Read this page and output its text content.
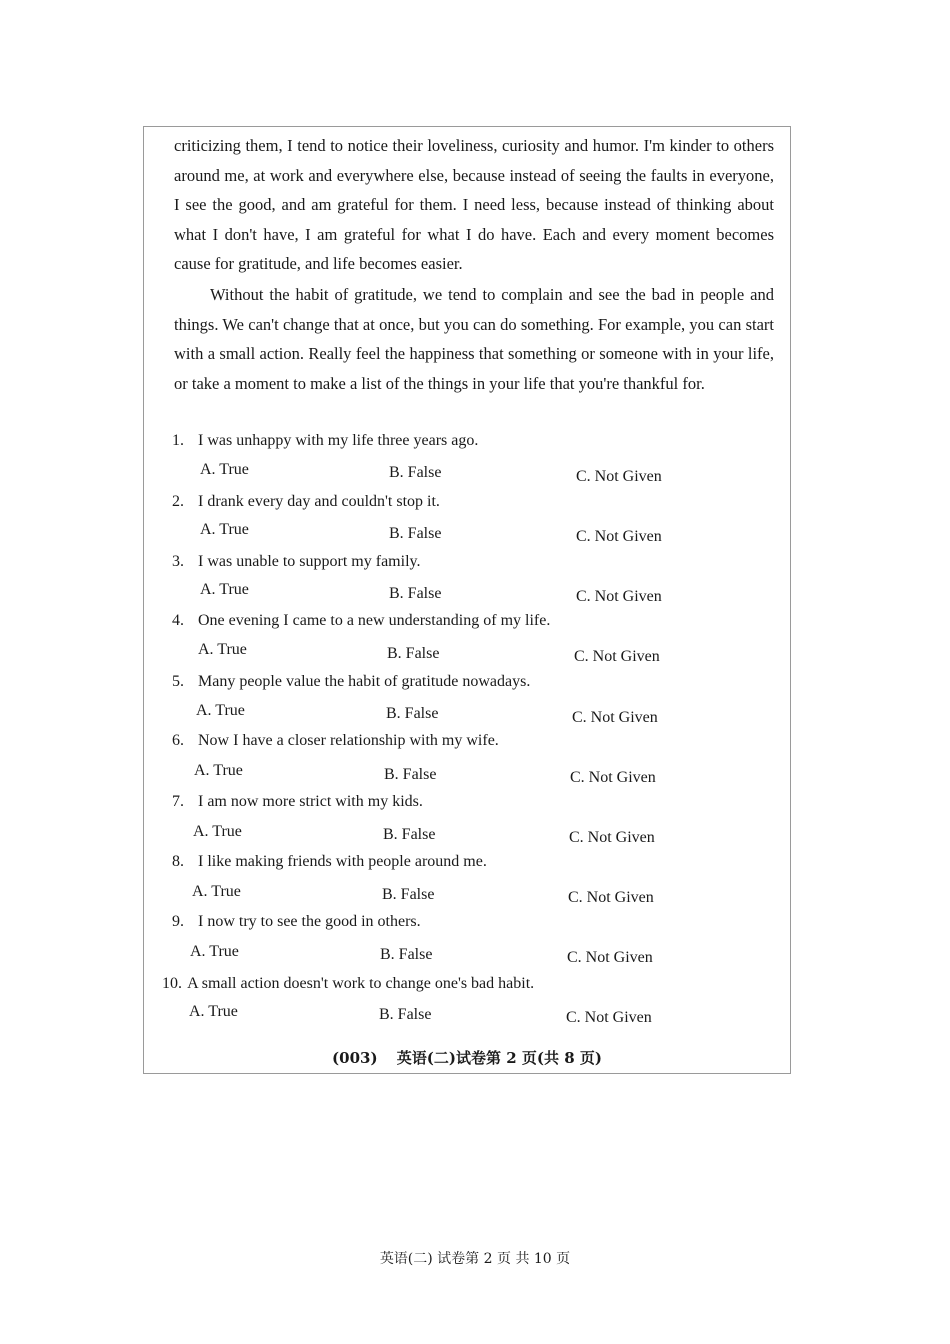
criticizing them, I tend to notice their loveliness, curiosity and humor. I'm kinder to others around me, at work and everywhere else, because instead of seeing the faults in everyone, I see the good, and am grateful for them. I need less, because instead of thinking about what I don't have, I am grateful for what I do have. Each and every moment becomes cause for gratitude, and life becomes easier.

Without the habit of gratitude, we tend to complain and see the bad in people and things. We can't change that at once, but you can do something. For example, you can start with a small action. Really feel the happiness that something or someone with in your life, or take a moment to make a list of the things in your life that you're thankful for.

1. I was unhappy with my life three years ago.
A. True	B. False	C. Not Given
2. I drank every day and couldn't stop it.
A. True	B. False	C. Not Given
3. I was unable to support my family.
A. True	B. False	C. Not Given
4. One evening I came to a new understanding of my life.
A. True	B. False	C. Not Given
5. Many people value the habit of gratitude nowadays.
A. True	B. False	C. Not Given
6. Now I have a closer relationship with my wife.
A. True	B. False	C. Not Given
7. I am now more strict with my kids.
A. True	B. False	C. Not Given
8. I like making friends with people around me.
A. True	B. False	C. Not Given
9. I now try to see the good in others.
A. True	B. False	C. Not Given
10. A small action doesn't work to change one's bad habit.
A. True	B. False	C. Not Given
(003) 英语(二)试卷第 2 页(共 8 页)
英语(二) 试卷第 2 页 共 10 页
